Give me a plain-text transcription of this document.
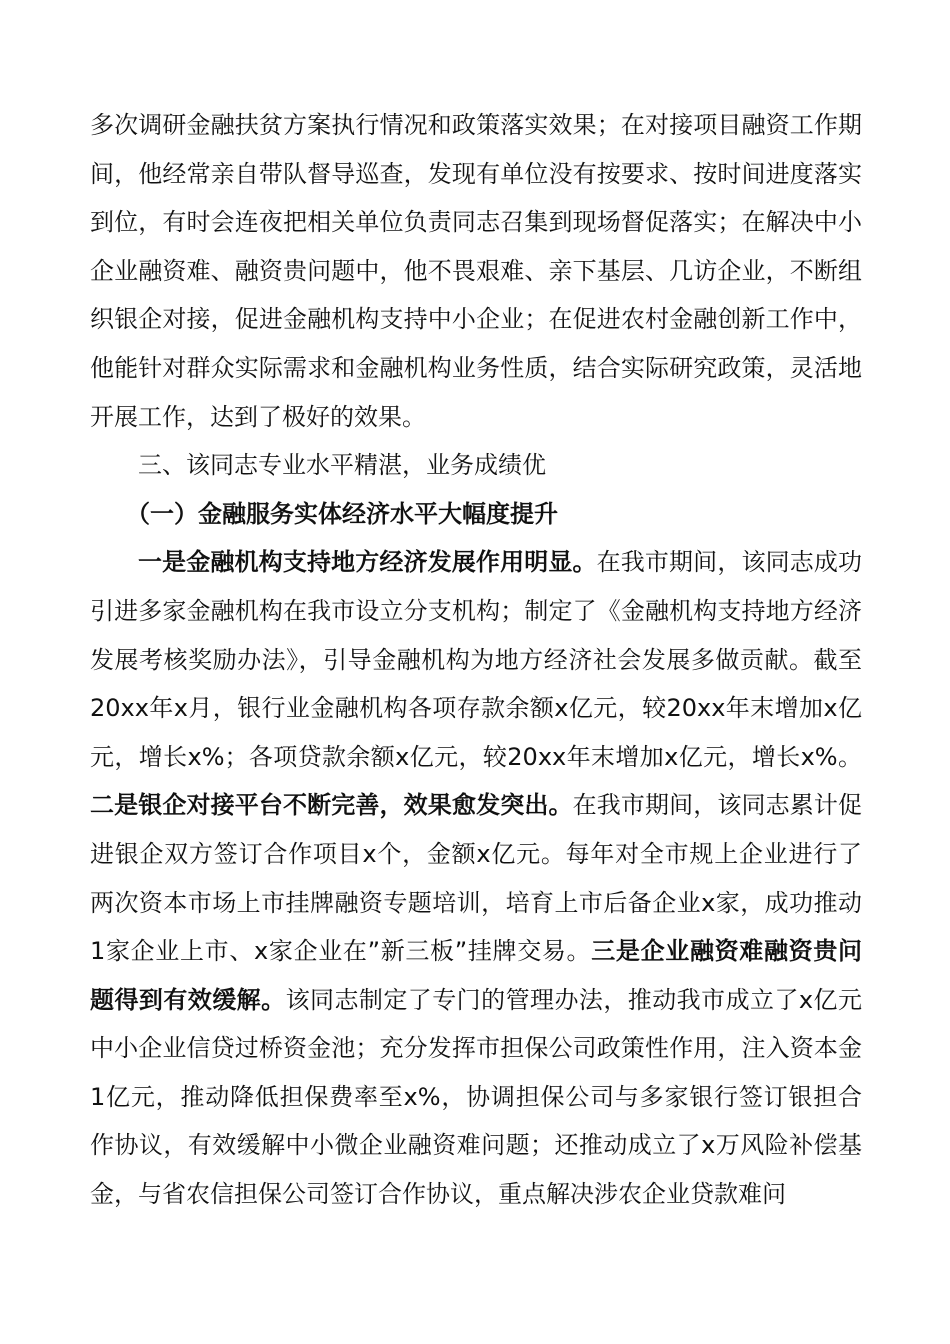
多次调研金融扶贫方案执行情况和政策落实效果；在对接项目融资工作期间，他经常亲自带队督导巡查，发现有单位没有按要求、按时间进度落实到位，有时会连夜把相关单位负责同志召集到现场督促落实；在解决中小企业融资难、融资贵问题中，他不畏艰难、亲下基层、几访企业，不断组织银企对接，促进金融机构支持中小企业；在促进农村金融创新工作中，他能针对群众实际需求和金融机构业务性质，结合实际研究政策，灵活地开展工作，达到了极好的效果。

三、该同志专业水平精湛，业务成绩优

（一）金融服务实体经济水平大幅度提升

一是金融机构支持地方经济发展作用明显。在我市期间，该同志成功引进多家金融机构在我市设立分支机构；制定了《金融机构支持地方经济发展考核奖励办法》，引导金融机构为地方经济社会发展多做贡献。截至20xx年x月，银行业金融机构各项存款余额x亿元，较20xx年末增加x亿元，增长x%；各项贷款余额x亿元，较20xx年末增加x亿元，增长x%。二是银企对接平台不断完善，效果愈发突出。在我市期间，该同志累计促进银企双方签订合作项目x个，金额x亿元。每年对全市规上企业进行了两次资本市场上市挂牌融资专题培训，培育上市后备企业x家，成功推动1家企业上市、x家企业在”新三板”挂牌交易。三是企业融资难融资贵问题得到有效缓解。该同志制定了专门的管理办法，推动我市成立了x亿元中小企业信贷过桥资金池；充分发挥市担保公司政策性作用，注入资本金1亿元，推动降低担保费率至x%，协调担保公司与多家银行签订银担合作协议，有效缓解中小微企业融资难问题；还推动成立了x万风险补偿基金，与省农信担保公司签订合作协议，重点解决涉农企业贷款难问
